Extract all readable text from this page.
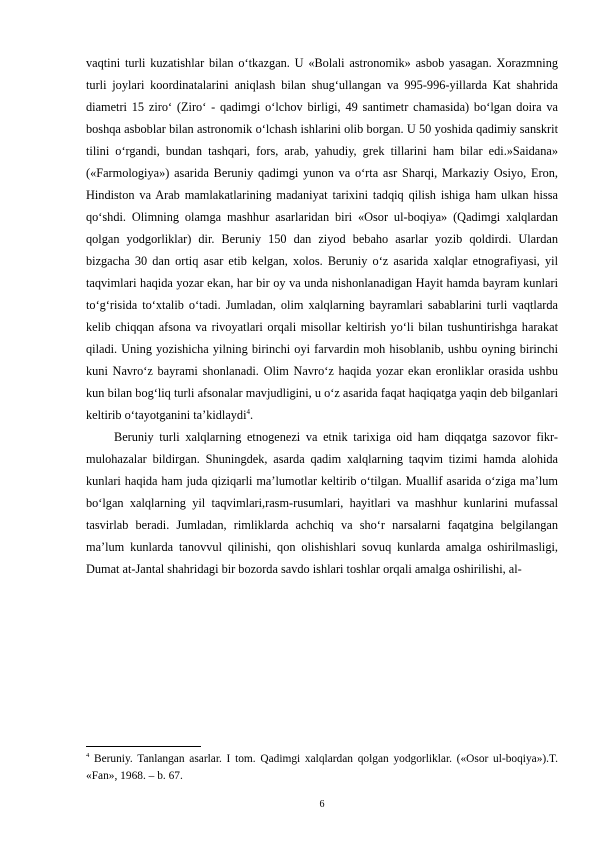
vaqtini turli kuzatishlar bilan o‘tkazgan. U «Bolali astronomik» asbob yasagan. Xorazmning turli joylari koordinatalarini aniqlash bilan shug‘ullangan va 995-996-yillarda Kat shahrida diametri 15 ziro‘ (Ziro‘ - qadimgi o‘lchov birligi, 49 santimetr chamasida) bo‘lgan doira va boshqa asboblar bilan astronomik o‘lchash ishlarini olib borgan. U 50 yoshida qadimiy sanskrit tilini o‘rgandi, bundan tashqari, fors, arab, yahudiy, grek tillarini ham bilar edi.»Saidana» («Farmologiya») asarida Beruniy qadimgi yunon va o‘rta asr Sharqi, Markaziy Osiyo, Eron, Hindiston va Arab mamlakatlarining madaniyat tarixini tadqiq qilish ishiga ham ulkan hissa qo‘shdi. Olimning olamga mashhur asarlaridan biri «Osor ul-boqiya» (Qadimgi xalqlardan qolgan yodgorliklar) dir. Beruniy 150 dan ziyod bebaho asarlar yozib qoldirdi. Ulardan bizgacha 30 dan ortiq asar etib kelgan, xolos. Beruniy o‘z asarida xalqlar etnografiyasi, yil taqvimlari haqida yozar ekan, har bir oy va unda nishonlanadigan Hayit hamda bayram kunlari to‘g‘risida to‘xtalib o‘tadi. Jumladan, olim xalqlarning bayramlari sabablarini turli vaqtlarda kelib chiqqan afsona va rivoyatlari orqali misollar keltirish yo‘li bilan tushuntirishga harakat qiladi. Uning yozishicha yilning birinchi oyi farvardin moh hisoblanib, ushbu oyning birinchi kuni Navro‘z bayrami shonlanadi. Olim Navro‘z haqida yozar ekan eronliklar orasida ushbu kun bilan bog‘liq turli afsonalar mavjudligini, u o‘z asarida faqat haqiqatga yaqin deb bilganlari keltirib o‘tayotganini ta’kidlaydi$^4$.

Beruniy turli xalqlarning etnogenezi va etnik tarixiga oid ham diqqatga sazovor fikr-mulohazalar bildirgan. Shuningdek, asarda qadim xalqlarning taqvim tizimi hamda alohida kunlari haqida ham juda qiziqarli ma’lumotlar keltirib o‘tilgan. Muallif asarida o‘ziga ma’lum bo‘lgan xalqlarning yil taqvimlari,rasm-rusumlari, hayitlari va mashhur kunlarini mufassal tasvirlab beradi. Jumladan, rimliklarda achchiq va sho‘r narsalarni faqatgina belgilangan ma’lum kunlarda tanovvul qilinishi, qon olishishlari sovuq kunlarda amalga oshirilmasligi, Dumat at-Jantal shahridagi bir bozorda savdo ishlari toshlar orqali amalga oshirilishi, al-

$^4$ Beruniy. Tanlangan asarlar. I tom. Qadimgi xalqlardan qolgan yodgorliklar. («Osor ul-boqiya»).T. «Fan», 1968. – b. 67.

6
